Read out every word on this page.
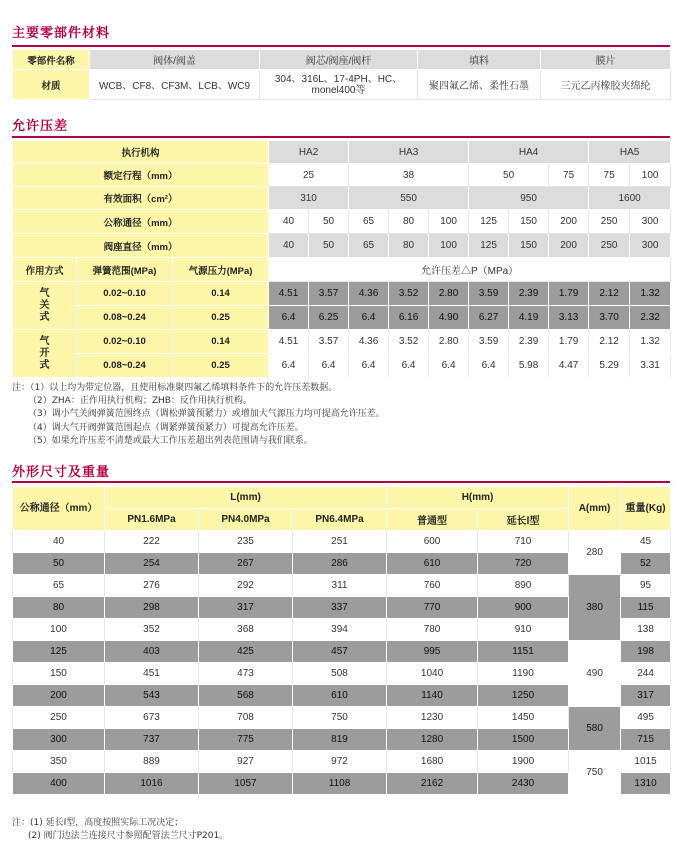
主要零部件材料
零部件名称	阀体/阀盖	阀芯/阀座/阀杆	填料	膜片
材质	WCB、CF8、CF3M、LCB、WC9	304、316L、17-4PH、HC、monel400等	聚四氟乙烯、柔性石墨	三元乙丙橡胶夹绵纶
允许压差
执行机构			HA2		HA3			HA4			HA5	
额定行程（mm）			25		38			50		75	75	100
有效面积（cm²）			310		550			950			1600	
公称通径（mm）			40	50	65	80	100	125	150	200	250	300
阀座直径（mm）			40	50	65	80	100	125	150	200	250	300
作用方式	弹簧范围(MPa)	气源压力(MPa)	允许压差△P（MPa）									
气关式	0.02~0.10	0.14	4.51	3.57	4.36	3.52	2.80	3.59	2.39	1.79	2.12	1.32
	0.08~0.24	0.25	6.4	6.25	6.4	6.16	4.90	6.27	4.19	3.13	3.70	2.32
气开式	0.02~0.10	0.14	4.51	3.57	4.36	3.52	2.80	3.59	2.39	1.79	2.12	1.32
	0.08~0.24	0.25	6.4	6.4	6.4	6.4	6.4	6.4	5.98	4.47	5.29	3.31
注：（1）以上均为带定位器，且使用标准聚四氟乙烯填料条件下的允许压差数据。
（2）ZHA：正作用执行机构；ZHB：反作用执行机构。
（3）调小气关阀弹簧范围终点（调松弹簧预紧力）或增加大气源压力均可提高允许压差。
（4）调大气开阀弹簧范围起点（调紧弹簧预紧力）可提高允许压差。
（5）如果允许压差不清楚或最大工作压差超出列表范围请与我们联系。
外形尺寸及重量
公称通径（mm）	L(mm)			H(mm)		A(mm)	重量(Kg)
	PN1.6MPa	PN4.0MPa	PN6.4MPa	普通型	延长Ⅰ型		
40	222	235	251	600	710	280	45
50	254	267	286	610	720		52
65	276	292	311	760	890	380	95
80	298	317	337	770	900		115
100	352	368	394	780	910		138
125	403	425	457	995	1151	490	198
150	451	473	508	1040	1190		244
200	543	568	610	1140	1250		317
250	673	708	750	1230	1450	580	495
300	737	775	819	1280	1500		715
350	889	927	972	1680	1900	750	1015
400	1016	1057	1108	2162	2430		1310
注：(1) 延长Ⅰ型，高度按照实际工况决定；
(2) 阀门边法兰连接尺寸参照配管法兰尺寸P201。
